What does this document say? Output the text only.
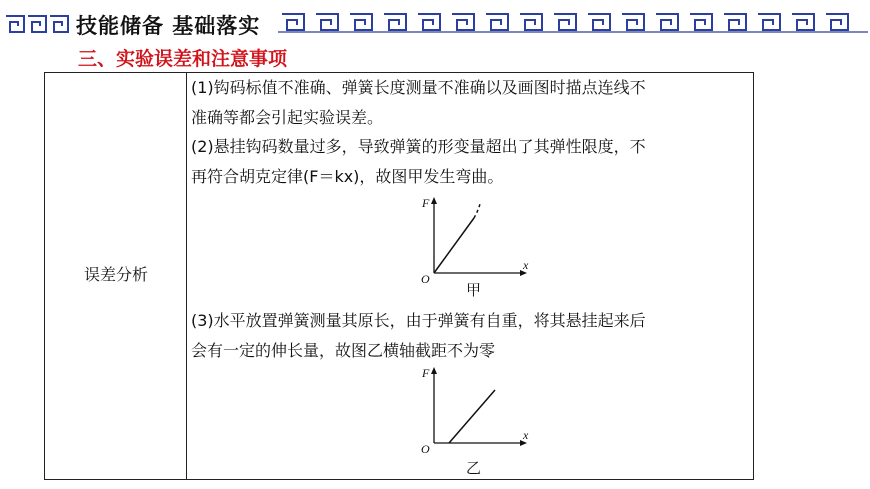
技能储备 基础落实
三、实验误差和注意事项
误差分析
(1)钩码标值不准确、弹簧长度测量不准确以及画图时描点连线不
准确等都会引起实验误差。
(2)悬挂钩码数量过多，导致弹簧的形变量超出了其弹性限度，不
再符合胡克定律(F＝kx)，故图甲发生弯曲。
F
x
O
甲
(3)水平放置弹簧测量其原长，由于弹簧有自重，将其悬挂起来后
会有一定的伸长量，故图乙横轴截距不为零
F
x
O
乙
